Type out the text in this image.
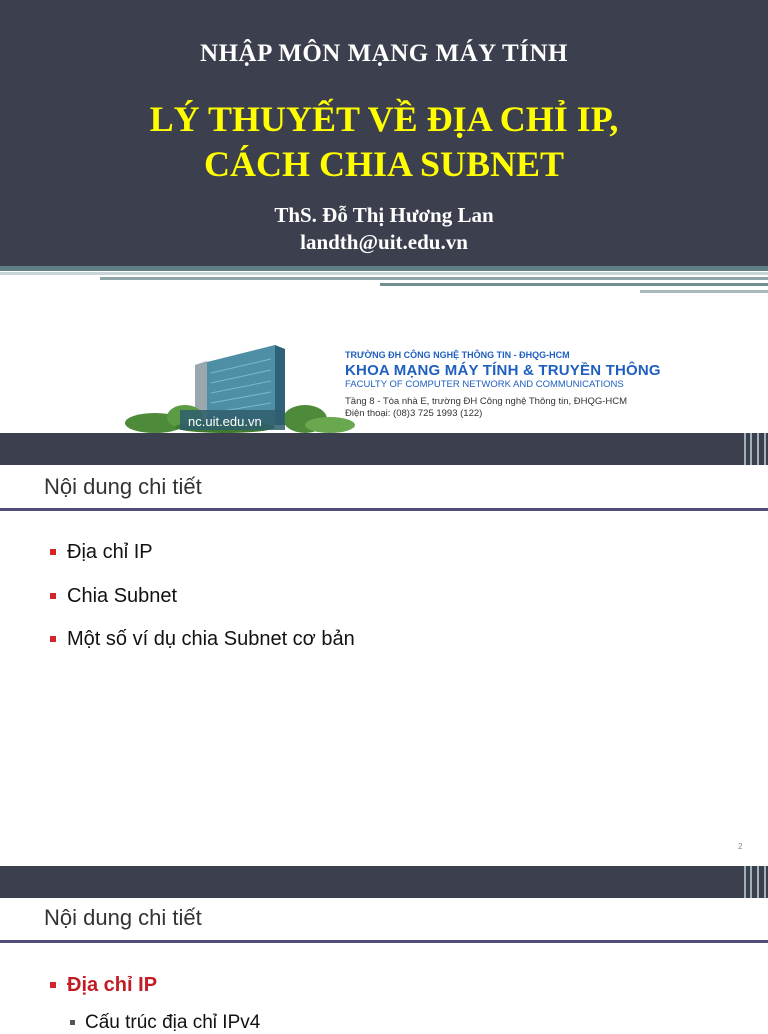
NHẬP MÔN MẠNG MÁY TÍNH
LÝ THUYẾT VỀ ĐỊA CHỈ IP,
CÁCH CHIA SUBNET
ThS. Đỗ Thị Hương Lan
landth@uit.edu.vn
nc.uit.edu.vn
TRƯỜNG ĐH CÔNG NGHỆ THÔNG TIN - ĐHQG-HCM
KHOA MẠNG MÁY TÍNH & TRUYỀN THÔNG
FACULTY OF COMPUTER NETWORK AND COMMUNICATIONS
Tầng 8 - Tòa nhà E, trường ĐH Công nghệ Thông tin, ĐHQG-HCM
Điện thoại: (08)3 725 1993 (122)
Nội dung chi tiết
Địa chỉ IP
Chia Subnet
Một số ví dụ chia Subnet cơ bản
2
Nội dung chi tiết
Địa chỉ IP
Cấu trúc địa chỉ IPv4
